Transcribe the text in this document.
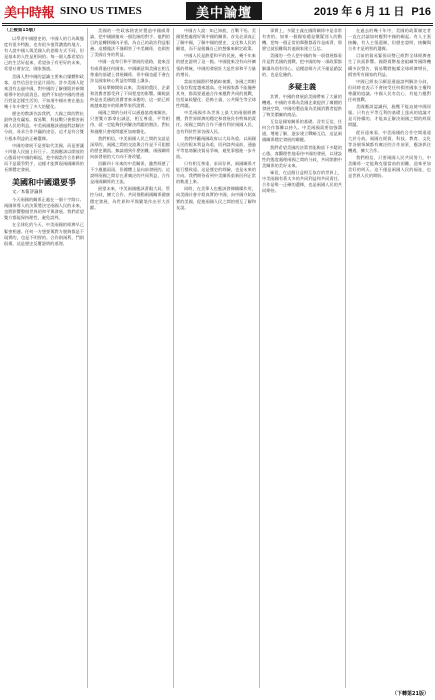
美中時報 SINO US TIMES	美中論壇	2019 年 6 月 11 日 P16
（上接第15版）

以學習中國歷史的，中國人的行為與態度有很多特點，也有很多值得讚賞的地方。有人說中國人與美國人的思維方式不同，但是基本的人性是相同的。每一個人都希望自己的生活好起來，希望孩子有更好的未來，希望社會安定，國家強盛。

美國人對中國的認識主要來自媒體和政客，這些信息往往是片面的。許多美國人從來沒有去過中國，對中國的了解僅限於新聞報導中的負面消息。他們不知道中國的普通百姓是怎樣生活的，不知道中國社會在過去幾十年中發生了多大的變化。

歷史的教訓告訴我們，大國之間的對抗最終沒有贏家。貿易戰、科技戰只會損害兩國人民的利益。中美兩國應該通過對話解決分歧，尋求合作共贏的途徑，這才是符合雙方根本利益的正確選擇。

中國的發展不是要取代美國，而是要讓十四億人民過上好日子。美國應該以開放的心態看待中國的崛起，把中國當作合作夥伴而不是競爭對手，這樣才能實現兩國關係的長期穩定發展。

美國和中國還要爭
文／本報評論員

今天兩國的關係正處在一個十字路口。兩國領導人的決策將決定兩國人民的未來，也將影響整個世界的和平與發展。我們希望雙方都能保持理性，避免誤判。

在全球化的今天，中美兩國的經濟早已緊密相連。任何一方想要與對方脫鉤都是不現實的，也是不明智的。合作則兩利，鬥則俱傷，這是歷史反覆證明的道理。

美國的一些政客熱衷於製造中國威脅論，把中國描繪成一個危險的對手。他們的目的是轉移國內矛盾，為自己的政治利益服務。這種做法不僅損害了中美關係，也損害了美國自身的利益。

中國一直奉行和平發展的道路，從來沒有威脅過任何國家。中國願意與美國在相互尊重的基礎上發展關係，但中國也絕不會在涉及國家核心利益的問題上讓步。

貿易摩擦開始以來，美國的農民、企業和消費者都受到了不同程度的影響。關稅最終是由美國的消費者來承擔的，這一點已經被越來越多的經濟學家所證實。

兩國之間的分歧可以通過協商來解決。只要雙方都拿出誠意，相互尊重，平等相待，就一定能夠找到解決問題的辦法。對抗和施壓只會使問題更加複雜化。

我們相信，中美兩國人民之間的友誼是深厚的，兩國之間的交流與合作是不可阻擋的歷史潮流。無論遇到什麼困難，兩國關係向前發展的大方向不會改變。

回顧四十年來的中美關係，雖然經歷了不少風風雨雨，但總體上是向前發展的。這說明兩國之間存在著廣泛的共同利益，合作是兩國關係的主流。

展望未來，中美兩國應該著眼大局，管控分歧，擴大合作，共同推動兩國關係健康穩定發展，為世界和平與繁榮作出更大貢獻。

中國古人說：知己知彼，百戰不殆。美國要想處理好與中國的關係，首先必須真正了解中國，了解中國的歷史、文化和人民的願望，而不是根據自己的想像來制定政策。

中國人民是熱愛和平的民族，幾千年來的歷史證明了這一點。中國從來沒有向外擴張的傳統，中國的發展壯大是世界和平力量的增長。

當前的國際形勢錯綜複雜，各國之間相互依存程度越來越高。任何國家都不能獨善其身，都需要通過合作來應對共同的挑戰，包括氣候變化、恐怖主義、公共衛生等全球性問題。

中美兩國作為世界上最大的兩個經濟體，對世界經濟的穩定和發展負有特殊的責任。兩國之間的合作不僅有利於兩國人民，也有利於世界各國人民。

我們呼籲兩國政府以大局為重，以兩國人民的根本利益為重，回到談判桌前，通過平等協商解決貿易爭端，避免事態進一步升級。

只有相互尊重、求同存異，兩國關係才能行穩致遠。這是歷史的經驗，也是未來的方向。我們期待看到中美關係重新回到正常的軌道上來。

同時，在美華人也應該發揮橋樑作用，向美國社會介紹真實的中國，向中國介紹真實的美國，促進兩國人民之間的相互了解和友誼。

事實上，多疑主義在國際關係中是非常有害的。如果一個國家總是懷疑別人的動機，把每一個正常的舉動都看作是威脅，那麼它就很難與其他國家建立互信。

美國的一些人把中國的每一項發展都看作是對美國的挑戰，把中國的每一項政策都解讀為別有用心。這種思維方式不僅是錯誤的，也是危險的。

多疑主義

其實，中國的發展給美國帶來了大量的機遇。中國的市場為美國企業提供了廣闊的發展空間，中國的製造業為美國消費者提供了物美價廉的商品。

互信是國家關係的基礎。沒有互信，任何合作都難以持久。中美兩國需要加強溝通，增進了解，逐步建立戰略互信，這是兩國關係穩定發展的關鍵。

我們希望美國的決策者能夠放下多疑的心態，客觀理性地看待中國的發展，以建設性的態度處理兩國之間的分歧，共同開創中美關係的美好未來。

畢竟，在這個日益相互依存的世界上，中美兩國有著太多的共同利益和共同責任。合作是唯一正確的選擇，也是兩國人民的共同期待。

在過去的幾十年中，美國的政策制定者一直在討論如何應對中國的崛起。有人主張接觸，有人主張遏制，但歷史證明，接觸與合作才是明智的選擇。

目前的貿易緊張局勢已經對全球經濟產生了負面影響。國際貨幣基金組織等國際機構多次警告，貿易戰將拖累全球經濟增長，損害所有國家的利益。

中國已經表示願意通過談判解決分歧，但同時也表示不會接受任何損害國家主權和尊嚴的協議。中國人民有信心、有能力應對任何挑戰。

美國應該認識到，施壓不能迫使中國屈服。只有在平等互利的基礎上達成的協議才是可持續的，才能真正解決兩國之間的經貿問題。

從長遠來看，中美兩國的合作空間遠遠大於分歧。兩國在經貿、科技、教育、文化等各個領域都有廣泛的合作前景，應該抓住機遇，擴大合作。

我們相信，只要兩國人民共同努力，中美關係一定能夠克服當前的困難，迎來更加美好的明天。這不僅是兩國人民的福祉，也是世界人民的期盼。

（下轉第21版）
